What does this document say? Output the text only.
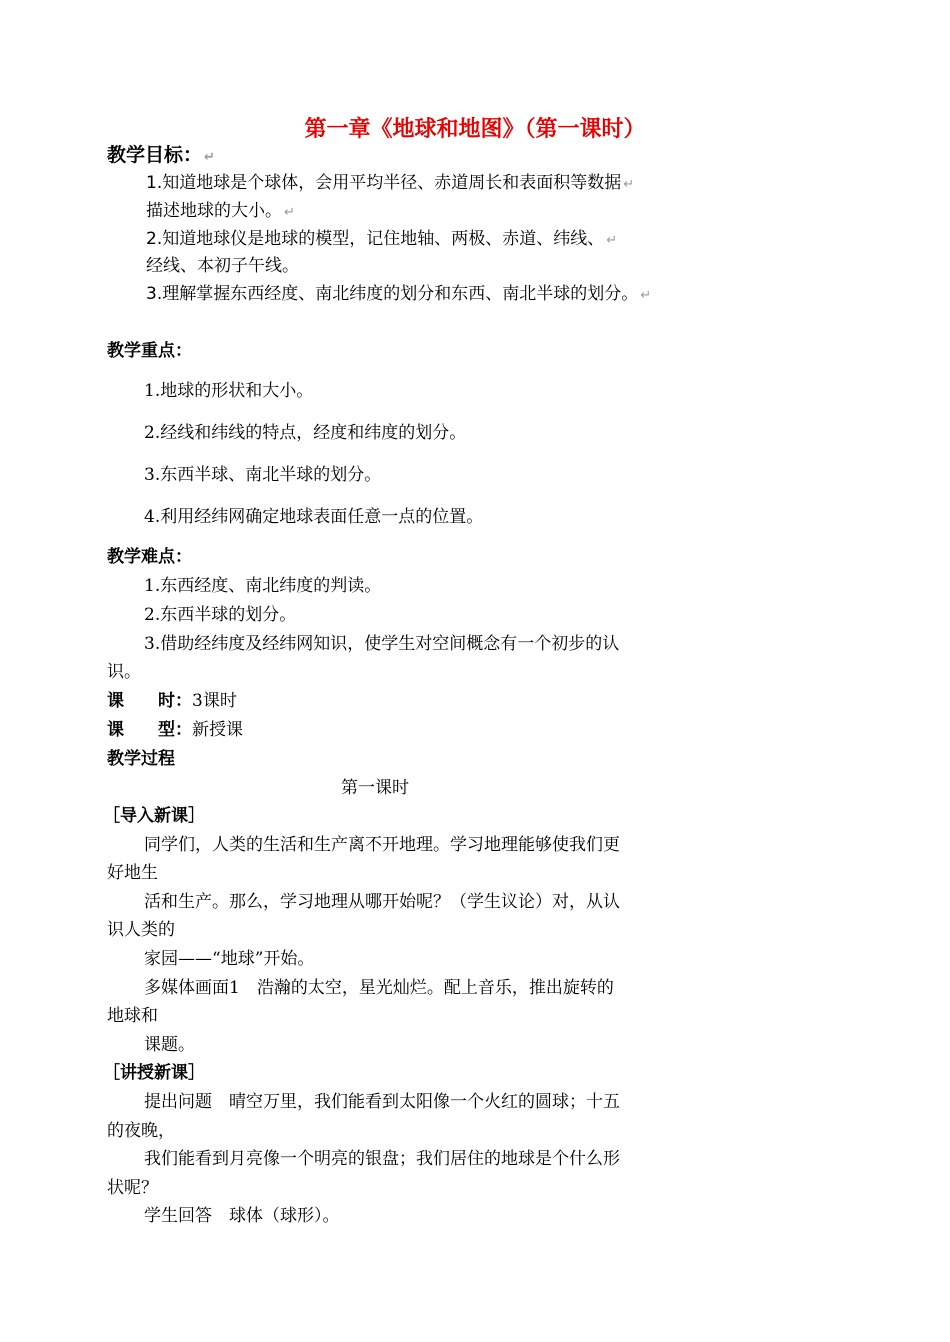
第一章《地球和地图》（第一课时）
教学目标： ↵
1.知道地球是个球体，会用平均半径、赤道周长和表面积等数据 ↵
描述地球的大小。 ↵
2.知道地球仪是地球的模型，记住地轴、两极、赤道、纬线、 ↵
经线、本初子午线。
3.理解掌握东西经度、南北纬度的划分和东西、南北半球的划分。 ↵
教学重点：
1.地球的形状和大小。
2.经线和纬线的特点，经度和纬度的划分。
3.东西半球、南北半球的划分。
4.利用经纬网确定地球表面任意一点的位置。
教学难点：
1.东西经度、南北纬度的判读。
2.东西半球的划分。
3.借助经纬度及经纬网知识，使学生对空间概念有一个初步的认
识。
课　　时：3课时
课　　型：新授课
教学过程
第一课时
［导入新课］
同学们，人类的生活和生产离不开地理。学习地理能够使我们更
好地生
活和生产。那么，学习地理从哪开始呢？（学生议论）对，从认
识人类的
家园——“地球”开始。
多媒体画面1　浩瀚的太空，星光灿烂。配上音乐，推出旋转的
地球和
课题。
［讲授新课］
提出问题　晴空万里，我们能看到太阳像一个火红的圆球；十五
的夜晚，
我们能看到月亮像一个明亮的银盘；我们居住的地球是个什么形
状呢？
学生回答　球体（球形）。
